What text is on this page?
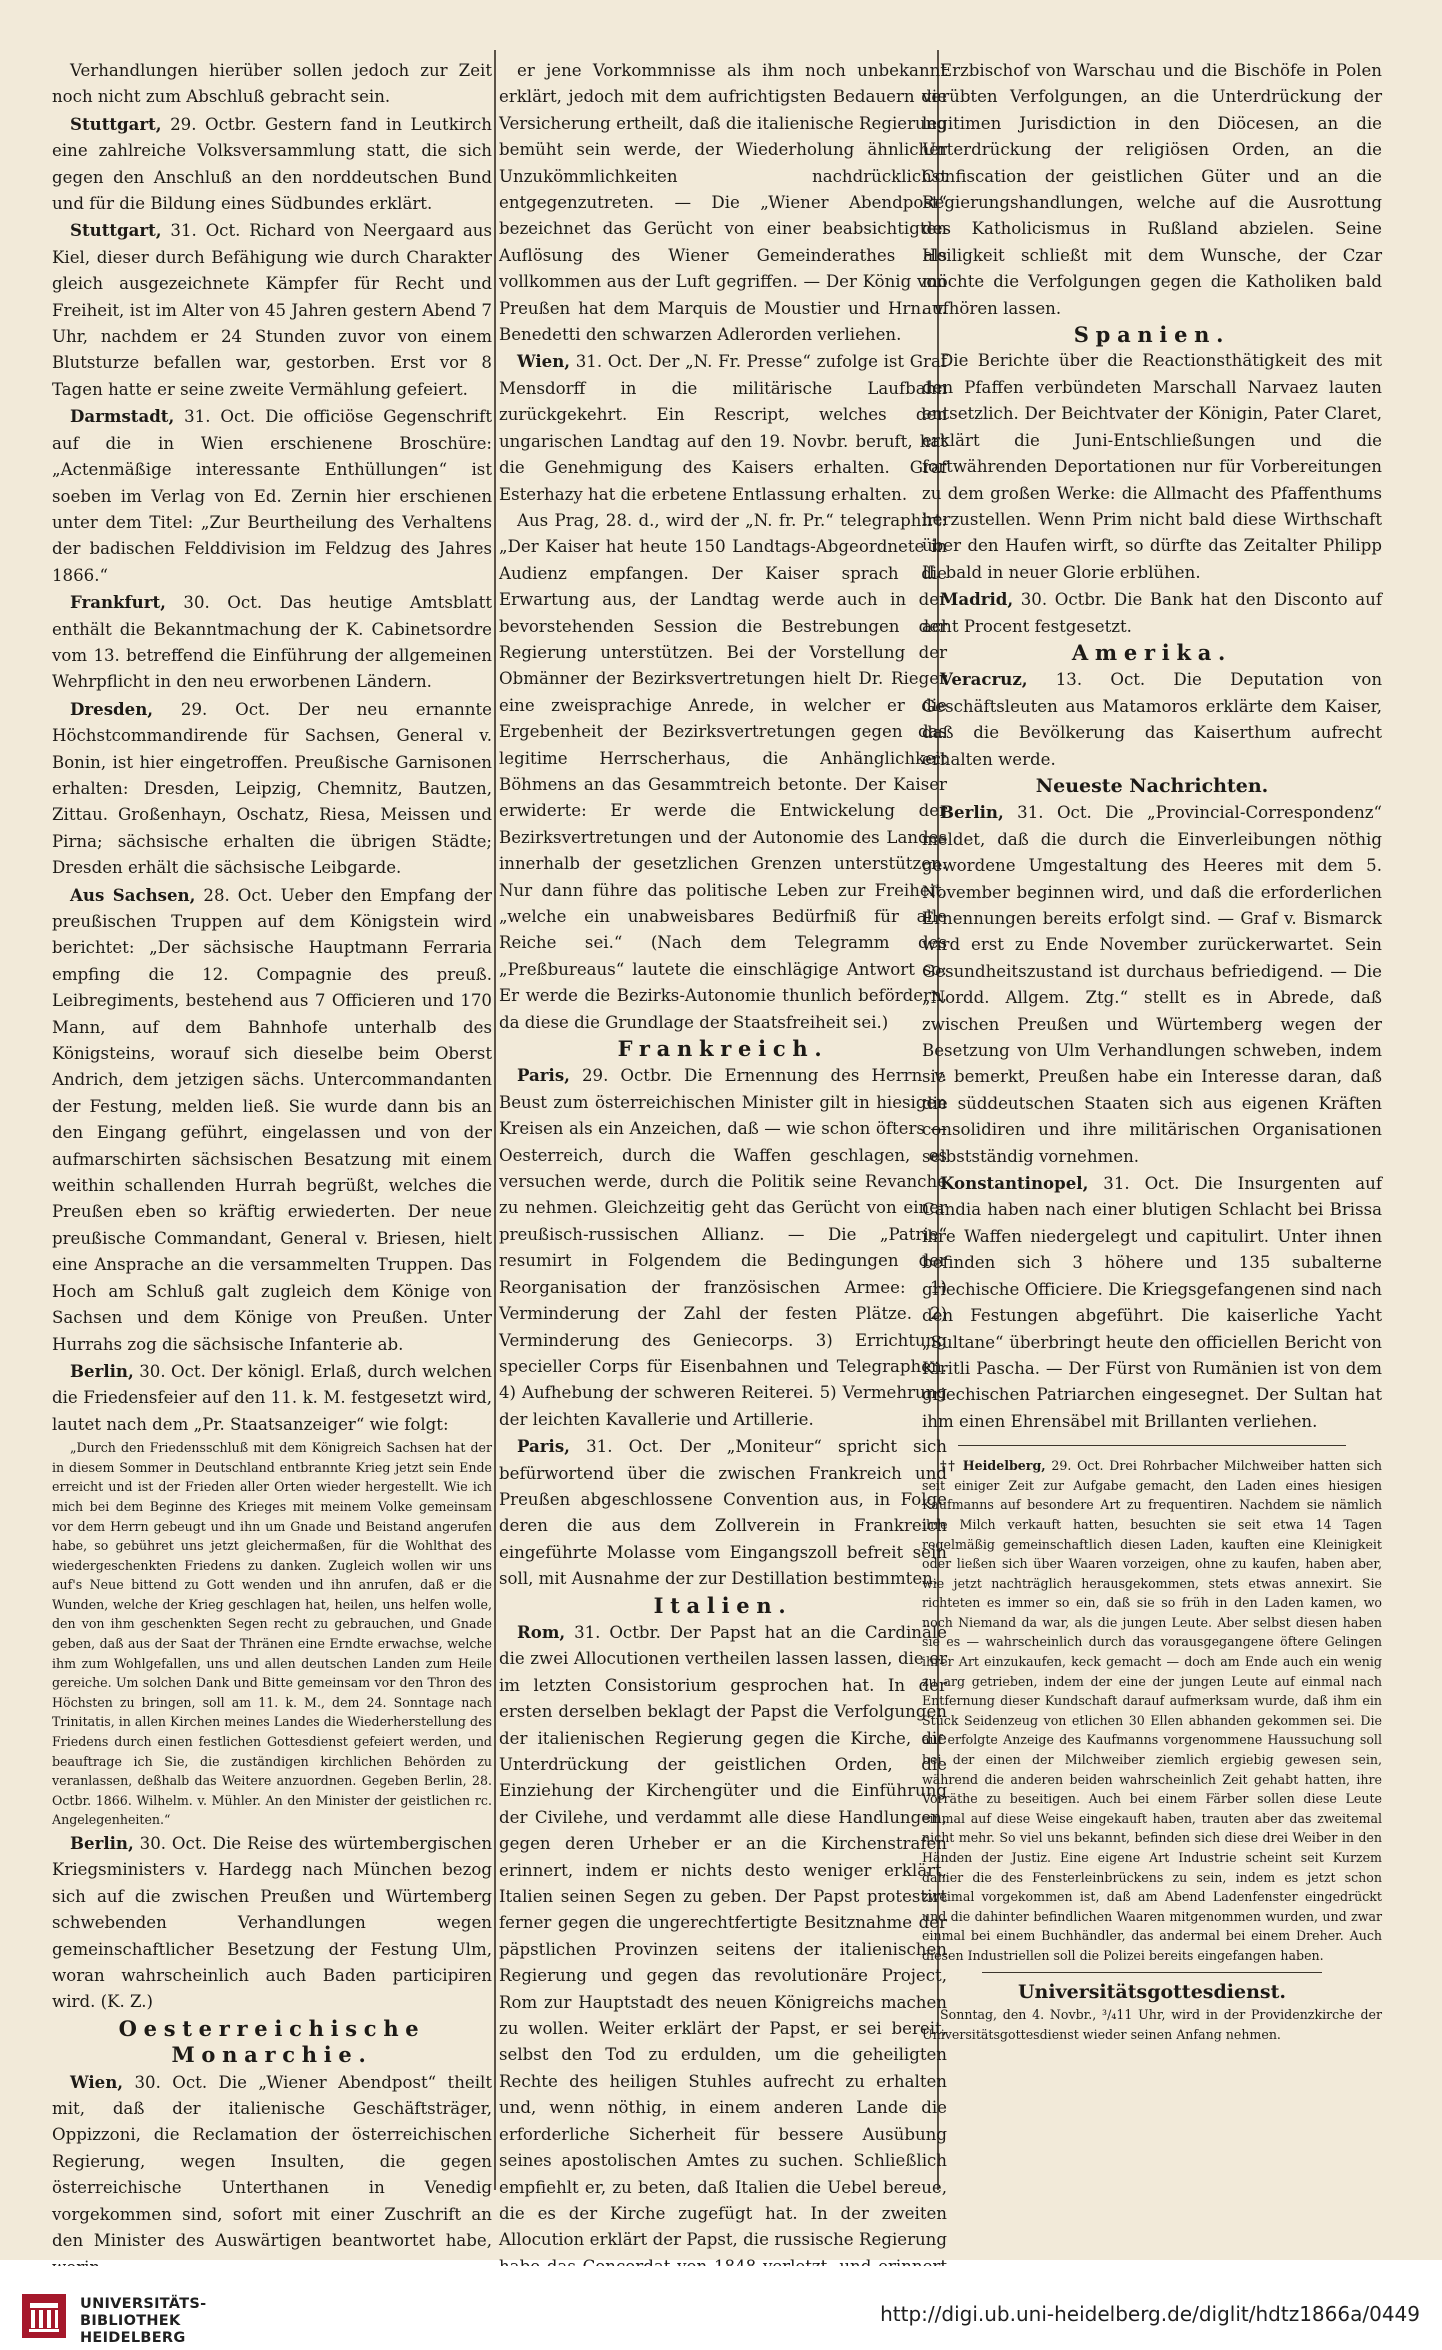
Verhandlungen hierüber sollen jedoch zur Zeit noch nicht zum Abschluß gebracht sein.

Stuttgart, 29. Octbr. Gestern fand in Leutkirch eine zahlreiche Volksversammlung statt, die sich gegen den Anschluß an den norddeutschen Bund und für die Bildung eines Südbundes erklärt.

Stuttgart, 31. Oct. Richard von Neergaard aus Kiel, dieser durch Befähigung wie durch Charakter gleich ausgezeichnete Kämpfer für Recht und Freiheit, ist im Alter von 45 Jahren gestern Abend 7 Uhr, nachdem er 24 Stunden zuvor von einem Blutsturze befallen war, gestorben. Erst vor 8 Tagen hatte er seine zweite Vermählung gefeiert.

Darmstadt, 31. Oct. Die officiöse Gegenschrift auf die in Wien erschienene Broschüre: „Actenmäßige interessante Enthüllungen“ ist soeben im Verlag von Ed. Zernin hier erschienen unter dem Titel: „Zur Beurtheilung des Verhaltens der badischen Felddivision im Feldzug des Jahres 1866.“

Frankfurt, 30. Oct. Das heutige Amtsblatt enthält die Bekanntmachung der K. Cabinetsordre vom 13. betreffend die Einführung der allgemeinen Wehrpflicht in den neu erworbenen Ländern.

Dresden, 29. Oct. Der neu ernannte Höchstcommandirende für Sachsen, General v. Bonin, ist hier eingetroffen. Preußische Garnisonen erhalten: Dresden, Leipzig, Chemnitz, Bautzen, Zittau. Großenhayn, Oschatz, Riesa, Meissen und Pirna; sächsische erhalten die übrigen Städte; Dresden erhält die sächsische Leibgarde.

Aus Sachsen, 28. Oct. Ueber den Empfang der preußischen Truppen auf dem Königstein wird berichtet: „Der sächsische Hauptmann Ferraria empfing die 12. Compagnie des preuß. Leibregiments, bestehend aus 7 Officieren und 170 Mann, auf dem Bahnhofe unterhalb des Königsteins, worauf sich dieselbe beim Oberst Andrich, dem jetzigen sächs. Untercommandanten der Festung, melden ließ. Sie wurde dann bis an den Eingang geführt, eingelassen und von der aufmarschirten sächsischen Besatzung mit einem weithin schallenden Hurrah begrüßt, welches die Preußen eben so kräftig erwiederten. Der neue preußische Commandant, General v. Briesen, hielt eine Ansprache an die versammelten Truppen. Das Hoch am Schluß galt zugleich dem Könige von Sachsen und dem Könige von Preußen. Unter Hurrahs zog die sächsische Infanterie ab.

Berlin, 30. Oct. Der königl. Erlaß, durch welchen die Friedensfeier auf den 11. k. M. festgesetzt wird, lautet nach dem „Pr. Staatsanzeiger“ wie folgt:

„Durch den Friedensschluß mit dem Königreich Sachsen hat der in diesem Sommer in Deutschland entbrannte Krieg jetzt sein Ende erreicht und ist der Frieden aller Orten wieder hergestellt. Wie ich mich bei dem Beginne des Krieges mit meinem Volke gemeinsam vor dem Herrn gebeugt und ihn um Gnade und Beistand angerufen habe, so gebühret uns jetzt gleichermaßen, für die Wohlthat des wiedergeschenkten Friedens zu danken. Zugleich wollen wir uns auf's Neue bittend zu Gott wenden und ihn anrufen, daß er die Wunden, welche der Krieg geschlagen hat, heilen, uns helfen wolle, den von ihm geschenkten Segen recht zu gebrauchen, und Gnade geben, daß aus der Saat der Thränen eine Erndte erwachse, welche ihm zum Wohlgefallen, uns und allen deutschen Landen zum Heile gereiche. Um solchen Dank und Bitte gemeinsam vor den Thron des Höchsten zu bringen, soll am 11. k. M., dem 24. Sonntage nach Trinitatis, in allen Kirchen meines Landes die Wiederherstellung des Friedens durch einen festlichen Gottesdienst gefeiert werden, und beauftrage ich Sie, die zuständigen kirchlichen Behörden zu veranlassen, deßhalb das Weitere anzuordnen. Gegeben Berlin, 28. Octbr. 1866. Wilhelm. v. Mühler. An den Minister der geistlichen rc. Angelegenheiten.“

Berlin, 30. Oct. Die Reise des würtembergischen Kriegsministers v. Hardegg nach München bezog sich auf die zwischen Preußen und Würtemberg schwebenden Verhandlungen wegen gemeinschaftlicher Besetzung der Festung Ulm, woran wahrscheinlich auch Baden participiren wird. (K. Z.)

Oesterreichische Monarchie.

Wien, 30. Oct. Die „Wiener Abendpost“ theilt mit, daß der italienische Geschäftsträger, Oppizzoni, die Reclamation der österreichischen Regierung, wegen Insulten, die gegen österreichische Unterthanen in Venedig vorgekommen sind, sofort mit einer Zuschrift an den Minister des Auswärtigen beantwortet habe,

er jene Vorkommnisse als ihm noch unbekannt erklärt, jedoch mit dem aufrichtigsten Bedauern die Versicherung ertheilt, daß die italienische Regierung bemüht sein werde, der Wiederholung ähnlicher Unzukömmlichkeiten nachdrücklichst entgegenzutreten. — Die „Wiener Abendpost“ bezeichnet das Gerücht von einer beabsichtigten Auflösung des Wiener Gemeinderathes als vollkommen aus der Luft gegriffen. — Der König von Preußen hat dem Marquis de Moustier und Hrn. v. Benedetti den schwarzen Adlerorden verliehen.

Wien, 31. Oct. Der „N. Fr. Presse“ zufolge ist Graf Mensdorff in die militärische Laufbahn zurückgekehrt. Ein Rescript, welches den ungarischen Landtag auf den 19. Novbr. beruft, hat die Genehmigung des Kaisers erhalten. Graf Esterhazy hat die erbetene Entlassung erhalten.

Aus Prag, 28. d., wird der „N. fr. Pr.“ telegraphirt: „Der Kaiser hat heute 150 Landtags-Abgeordnete in Audienz empfangen. Der Kaiser sprach die Erwartung aus, der Landtag werde auch in der bevorstehenden Session die Bestrebungen der Regierung unterstützen. Bei der Vorstellung der Obmänner der Bezirksvertretungen hielt Dr. Rieger eine zweisprachige Anrede, in welcher er die Ergebenheit der Bezirksvertretungen gegen das legitime Herrscherhaus, die Anhänglichkeit Böhmens an das Gesammtreich betonte. Der Kaiser erwiderte: Er werde die Entwickelung der Bezirksvertretungen und der Autonomie des Landes innerhalb der gesetzlichen Grenzen unterstützen. Nur dann führe das politische Leben zur Freiheit, „welche ein unabweisbares Bedürfniß für alle Reiche sei.“ (Nach dem Telegramm des „Preßbureaus“ lautete die einschlägige Antwort so: Er werde die Bezirks-Autonomie thunlich befördern, da diese die Grundlage der Staatsfreiheit sei.)

Frankreich.

Paris, 29. Octbr. Die Ernennung des Herrn v. Beust zum österreichischen Minister gilt in hiesigen Kreisen als ein Anzeichen, daß — wie schon öfters — Oesterreich, durch die Waffen geschlagen, es versuchen werde, durch die Politik seine Revanche zu nehmen. Gleichzeitig geht das Gerücht von einer preußisch-russischen Allianz. — Die „Patrie“ resumirt in Folgendem die Bedingungen der Reorganisation der französischen Armee: 1) Verminderung der Zahl der festen Plätze. 2) Verminderung des Geniecorps. 3) Errichtung specieller Corps für Eisenbahnen und Telegraphen. 4) Aufhebung der schweren Reiterei. 5) Vermehrung der leichten Kavallerie und Artillerie.

Paris, 31. Oct. Der „Moniteur“ spricht sich befürwortend über die zwischen Frankreich und Preußen abgeschlossene Convention aus, in Folge deren die aus dem Zollverein in Frankreich eingeführte Molasse vom Eingangszoll befreit sein soll, mit Ausnahme der zur Destillation bestimmten.

Italien.

Rom, 31. Octbr. Der Papst hat an die Cardinäle die zwei Allocutionen vertheilen lassen lassen, die er im letzten Consistorium gesprochen hat. In der ersten derselben beklagt der Papst die Verfolgungen der italienischen Regierung gegen die Kirche, die Unterdrückung der geistlichen Orden, die Einziehung der Kirchengüter und die Einführung der Civilehe, und verdammt alle diese Handlungen, gegen deren Urheber er an die Kirchenstrafen erinnert, indem er nichts desto weniger erklärt, Italien seinen Segen zu geben. Der Papst protestirt ferner gegen die ungerechtfertigte Besitznahme der päpstlichen Provinzen seitens der italienischen Regierung und gegen das revolutionäre Project, Rom zur Hauptstadt des neuen Königreichs machen zu wollen. Weiter erklärt der Papst, er sei bereit, selbst den Tod zu erdulden, um die geheiligten Rechte des heiligen Stuhles aufrecht zu erhalten und, wenn nöthig, in einem anderen Lande die erforderliche Sicherheit für bessere Ausübung seines apostolischen Amtes zu suchen. Schließlich empfiehlt er, zu beten, daß Italien die Uebel bereue, die es der Kirche zugefügt hat. In der zweiten Allocution erklärt der Papst, die russische Regierung

Erzbischof von Warschau und die Bischöfe in Polen verübten Verfolgungen, an die Unterdrückung der legitimen Jurisdiction in den Diöcesen, an die Unterdrückung der religiösen Orden, an die Confiscation der geistlichen Güter und an die Regierungshandlungen, welche auf die Ausrottung des Katholicismus in Rußland abzielen. Seine Heiligkeit schließt mit dem Wunsche, der Czar möchte die Verfolgungen gegen die Katholiken bald aufhören lassen.

Spanien.

Die Berichte über die Reactionsthätigkeit des mit den Pfaffen verbündeten Marschall Narvaez lauten entsetzlich. Der Beichtvater der Königin, Pater Claret, erklärt die Juni-Entschließungen und die fortwährenden Deportationen nur für Vorbereitungen zu dem großen Werke: die Allmacht des Pfaffenthums herzustellen. Wenn Prim nicht bald diese Wirthschaft über den Haufen wirft, so dürfte das Zeitalter Philipp II. bald in neuer Glorie erblühen.

Madrid, 30. Octbr. Die Bank hat den Disconto auf acht Procent festgesetzt.

Amerika.

Veracruz, 13. Oct. Die Deputation von Geschäftsleuten aus Matamoros erklärte dem Kaiser, daß die Bevölkerung das Kaiserthum aufrecht erhalten werde.

Neueste Nachrichten.

Berlin, 31. Oct. Die „Provincial-Correspondenz“ meldet, daß die durch die Einverleibungen nöthig gewordene Umgestaltung des Heeres mit dem 5. November beginnen wird, und daß die erforderlichen Ernennungen bereits erfolgt sind. — Graf v. Bismarck wird erst zu Ende November zurückerwartet. Sein Gesundheitszustand ist durchaus befriedigend. — Die „Nordd. Allgem. Ztg.“ stellt es in Abrede, daß zwischen Preußen und Würtemberg wegen der Besetzung von Ulm Verhandlungen schweben, indem sie bemerkt, Preußen habe ein Interesse daran, daß die süddeutschen Staaten sich aus eigenen Kräften consolidiren und ihre militärischen Organisationen selbstständig vornehmen.

Konstantinopel, 31. Oct. Die Insurgenten auf Candia haben nach einer blutigen Schlacht bei Brissa ihre Waffen niedergelegt und capitulirt. Unter ihnen befinden sich 3 höhere und 135 subalterne griechische Officiere. Die Kriegsgefangenen sind nach den Festungen abgeführt. Die kaiserliche Yacht „Sultane“ überbringt heute den officiellen Bericht von Kiritli Pascha. — Der Fürst von Rumänien ist von dem griechischen Patriarchen eingesegnet. Der Sultan hat ihm einen Ehrensäbel mit Brillanten verliehen.

†† Heidelberg, 29. Oct. Drei Rohrbacher Milchweiber hatten sich seit einiger Zeit zur Aufgabe gemacht, den Laden eines hiesigen Kaufmanns auf besondere Art zu frequentiren. Nachdem sie nämlich ihre Milch verkauft hatten, besuchten sie seit etwa 14 Tagen regelmäßig gemeinschaftlich diesen Laden, kauften eine Kleinigkeit oder ließen sich über Waaren vorzeigen, ohne zu kaufen, haben aber, wie jetzt nachträglich herausgekommen, stets etwas annexirt. Sie richteten es immer so ein, daß sie so früh in den Laden kamen, wo noch Niemand da war, als die jungen Leute. Aber selbst diesen haben sie es — wahrscheinlich durch das vorausgegangene öftere Gelingen ihrer Art einzukaufen, keck gemacht — doch am Ende auch ein wenig zu arg getrieben, indem der eine der jungen Leute auf einmal nach Entfernung dieser Kundschaft darauf aufmerksam wurde, daß ihm ein Stück Seidenzeug von etlichen 30 Ellen abhanden gekommen sei. Die auf erfolgte Anzeige des Kaufmanns vorgenommene Haussuchung soll bei der einen der Milchweiber ziemlich ergiebig gewesen sein, während die anderen beiden wahrscheinlich Zeit gehabt hatten, ihre Vorräthe zu beseitigen. Auch bei einem Färber sollen diese Leute einmal auf diese Weise eingekauft haben, trauten aber das zweitemal nicht mehr. So viel uns bekannt, befinden sich diese drei Weiber in den Händen der Justiz. Eine eigene Art Industrie scheint seit Kurzem dahier die des Fensterleinbrückens zu sein, indem es jetzt schon zweimal vorgekommen ist, daß am Abend Ladenfenster eingedrückt und die dahinter befindlichen Waaren mitgenommen wurden, und zwar einmal bei einem Buchhändler, das andermal bei einem Dreher. Auch diesen Industriellen soll die Polizei bereits eingefangen haben.

Universitätsgottesdienst.

Sonntag, den 4. Novbr., ³/₄11 Uhr, wird in der Providenzkirche der Universitätsgottesdienst wieder seinen Anfang nehmen.

UNIVERSITÄTS-
BIBLIOTHEK
HEIDELBERG
http://digi.ub.uni-heidelberg.de/diglit/hdtz1866a/0449
